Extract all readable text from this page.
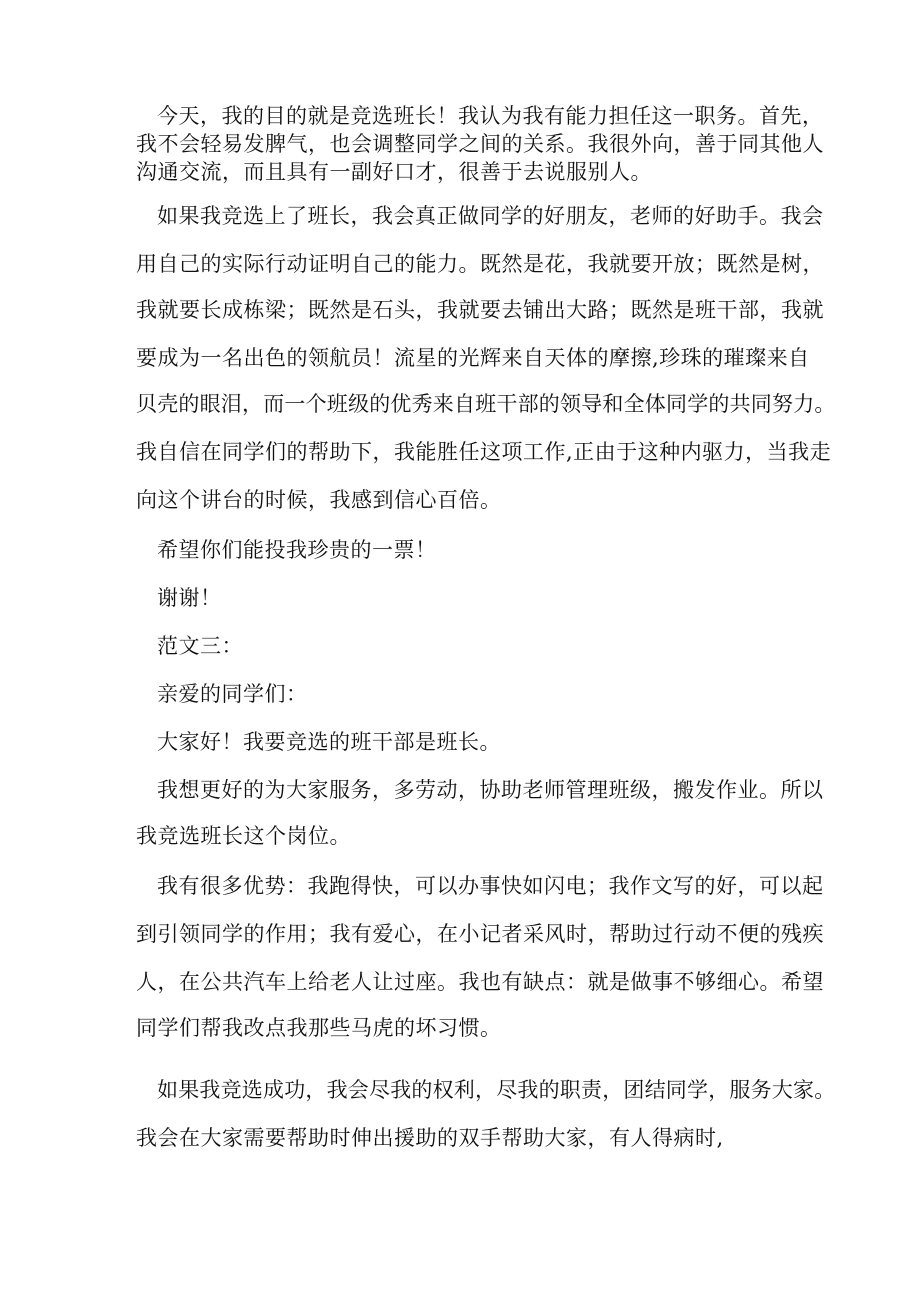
今天，我的目的就是竞选班长！我认为我有能力担任这一职务。首先，
我不会轻易发脾气，也会调整同学之间的关系。我很外向，善于同其他人
沟通交流，而且具有一副好口才，很善于去说服别人。
如果我竞选上了班长，我会真正做同学的好朋友，老师的好助手。我会
用自己的实际行动证明自己的能力。既然是花，我就要开放；既然是树，
我就要长成栋梁；既然是石头，我就要去铺出大路；既然是班干部，我就
要成为一名出色的领航员！流星的光辉来自天体的摩擦,珍珠的璀璨来自
贝壳的眼泪，而一个班级的优秀来自班干部的领导和全体同学的共同努力。
我自信在同学们的帮助下，我能胜任这项工作,正由于这种内驱力，当我走
向这个讲台的时候，我感到信心百倍。
希望你们能投我珍贵的一票！
谢谢！
范文三：
亲爱的同学们：
大家好！我要竞选的班干部是班长。
我想更好的为大家服务，多劳动，协助老师管理班级，搬发作业。所以
我竞选班长这个岗位。
我有很多优势：我跑得快，可以办事快如闪电；我作文写的好，可以起
到引领同学的作用；我有爱心，在小记者采风时，帮助过行动不便的残疾
人，在公共汽车上给老人让过座。我也有缺点：就是做事不够细心。希望
同学们帮我改点我那些马虎的坏习惯。
如果我竞选成功，我会尽我的权利，尽我的职责，团结同学，服务大家。
我会在大家需要帮助时伸出援助的双手帮助大家，有人得病时,
